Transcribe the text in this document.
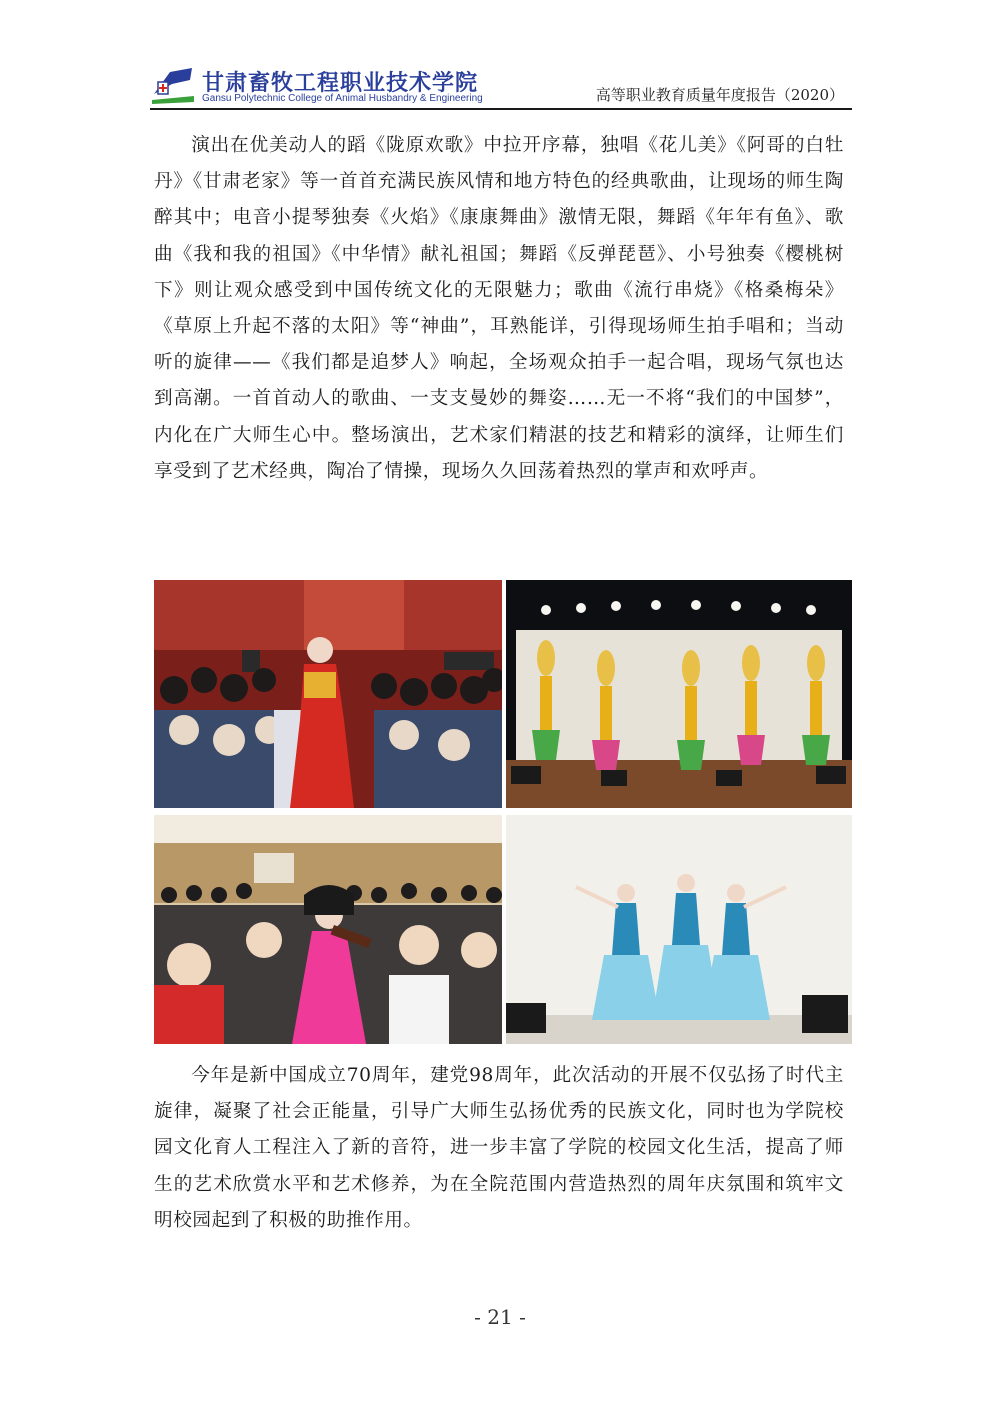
甘肃畜牧工程职业技术学院
Gansu Polytechnic College of Animal Husbandry & Engineering	高等职业教育质量年度报告（2020）

演出在优美动人的蹈《陇原欢歌》中拉开序幕，独唱《花儿美》《阿哥的白牡丹》《甘肃老家》等一首首充满民族风情和地方特色的经典歌曲，让现场的师生陶醉其中；电音小提琴独奏《火焰》《康康舞曲》激情无限，舞蹈《年年有鱼》、歌曲《我和我的祖国》《中华情》献礼祖国；舞蹈《反弹琵琶》、小号独奏《樱桃树下》则让观众感受到中国传统文化的无限魅力；歌曲《流行串烧》《格桑梅朵》《草原上升起不落的太阳》等“神曲”，耳熟能详，引得现场师生拍手唱和；当动听的旋律——《我们都是追梦人》响起，全场观众拍手一起合唱，现场气氛也达到高潮。一首首动人的歌曲、一支支曼妙的舞姿……无一不将“我们的中国梦”，内化在广大师生心中。整场演出，艺术家们精湛的技艺和精彩的演绎，让师生们享受到了艺术经典，陶冶了情操，现场久久回荡着热烈的掌声和欢呼声。

今年是新中国成立70周年，建党98周年，此次活动的开展不仅弘扬了时代主旋律，凝聚了社会正能量，引导广大师生弘扬优秀的民族文化，同时也为学院校园文化育人工程注入了新的音符，进一步丰富了学院的校园文化生活，提高了师生的艺术欣赏水平和艺术修养，为在全院范围内营造热烈的周年庆氛围和筑牢文明校园起到了积极的助推作用。

- 21 -
